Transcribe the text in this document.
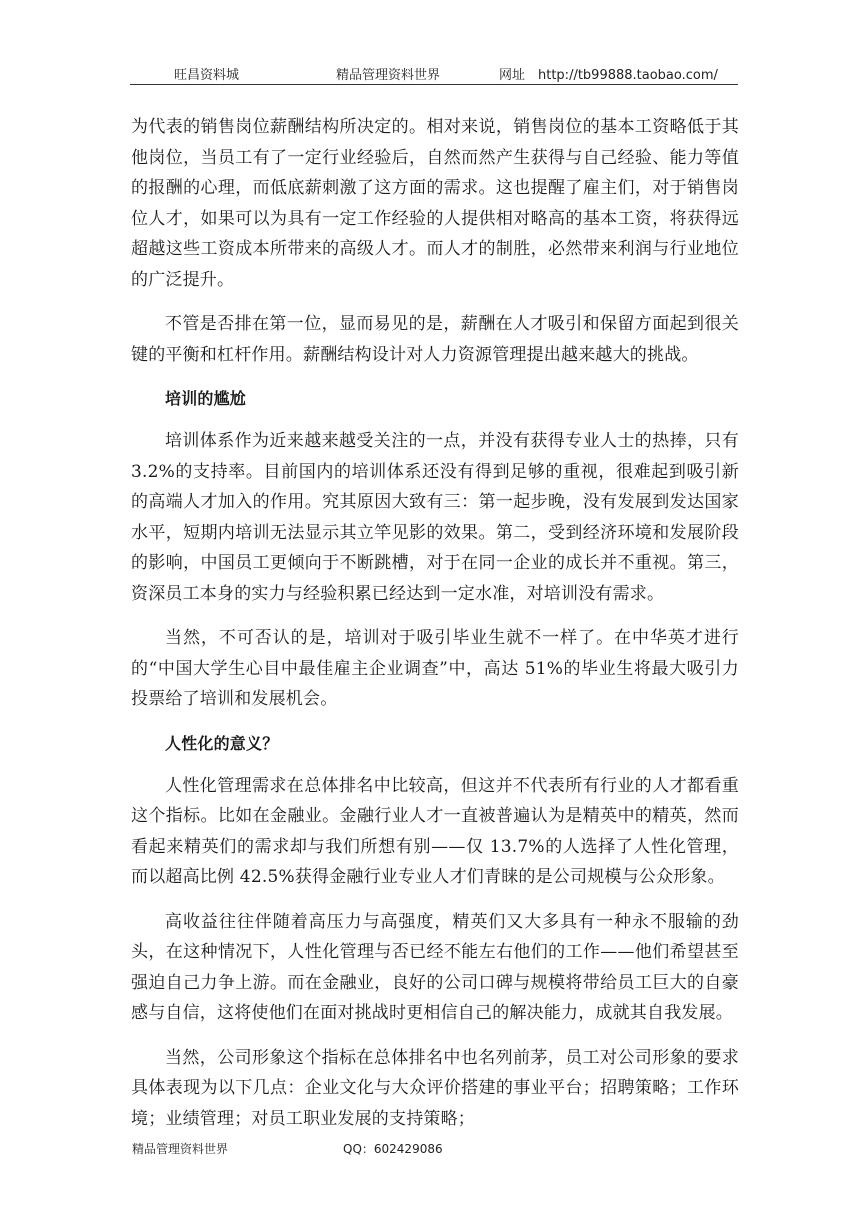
旺昌资料城	精品管理资料世界	网址　http://tb99888.taobao.com/

为代表的销售岗位薪酬结构所决定的。相对来说，销售岗位的基本工资略低于其他岗位，当员工有了一定行业经验后，自然而然产生获得与自己经验、能力等值的报酬的心理，而低底薪刺激了这方面的需求。这也提醒了雇主们，对于销售岗位人才，如果可以为具有一定工作经验的人提供相对略高的基本工资，将获得远超越这些工资成本所带来的高级人才。而人才的制胜，必然带来利润与行业地位的广泛提升。

不管是否排在第一位，显而易见的是，薪酬在人才吸引和保留方面起到很关键的平衡和杠杆作用。薪酬结构设计对人力资源管理提出越来越大的挑战。

培训的尴尬

培训体系作为近来越来越受关注的一点，并没有获得专业人士的热捧，只有 3.2%的支持率。目前国内的培训体系还没有得到足够的重视，很难起到吸引新的高端人才加入的作用。究其原因大致有三：第一起步晚，没有发展到发达国家水平，短期内培训无法显示其立竿见影的效果。第二，受到经济环境和发展阶段的影响，中国员工更倾向于不断跳槽，对于在同一企业的成长并不重视。第三，资深员工本身的实力与经验积累已经达到一定水准，对培训没有需求。

当然，不可否认的是，培训对于吸引毕业生就不一样了。在中华英才进行的“中国大学生心目中最佳雇主企业调查”中，高达 51%的毕业生将最大吸引力投票给了培训和发展机会。

人性化的意义？

人性化管理需求在总体排名中比较高，但这并不代表所有行业的人才都看重这个指标。比如在金融业。金融行业人才一直被普遍认为是精英中的精英，然而看起来精英们的需求却与我们所想有别——仅 13.7%的人选择了人性化管理，而以超高比例 42.5%获得金融行业专业人才们青睐的是公司规模与公众形象。

高收益往往伴随着高压力与高强度，精英们又大多具有一种永不服输的劲头，在这种情况下，人性化管理与否已经不能左右他们的工作——他们希望甚至强迫自己力争上游。而在金融业，良好的公司口碑与规模将带给员工巨大的自豪感与自信，这将使他们在面对挑战时更相信自己的解决能力，成就其自我发展。

当然，公司形象这个指标在总体排名中也名列前茅，员工对公司形象的要求具体表现为以下几点：企业文化与大众评价搭建的事业平台；招聘策略；工作环境；业绩管理；对员工职业发展的支持策略；

精品管理资料世界	QQ：602429086
